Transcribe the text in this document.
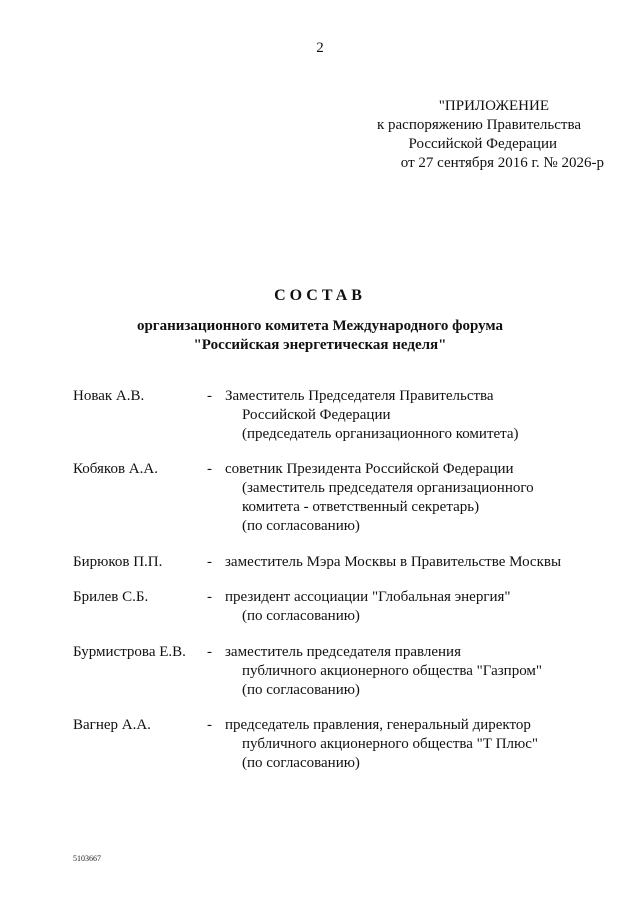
2
"ПРИЛОЖЕНИЕ
к распоряжению Правительства
Российской Федерации
от 27 сентября 2016 г. № 2026-р
СОСТАВ
организационного комитета Международного форума
"Российская энергетическая неделя"
Новак А.В.	- Заместитель Председателя Правительства
Российской Федерации
(председатель организационного комитета)
Кобяков А.А.	- советник Президента Российской Федерации
(заместитель председателя организационного
комитета - ответственный секретарь)
(по согласованию)
Бирюков П.П.	- заместитель Мэра Москвы в Правительстве Москвы
Брилев С.Б.	- президент ассоциации "Глобальная энергия"
(по согласованию)
Бурмистрова Е.В.	- заместитель председателя правления
публичного акционерного общества "Газпром"
(по согласованию)
Вагнер А.А.	- председатель правления, генеральный директор
публичного акционерного общества "Т Плюс"
(по согласованию)
5103667
